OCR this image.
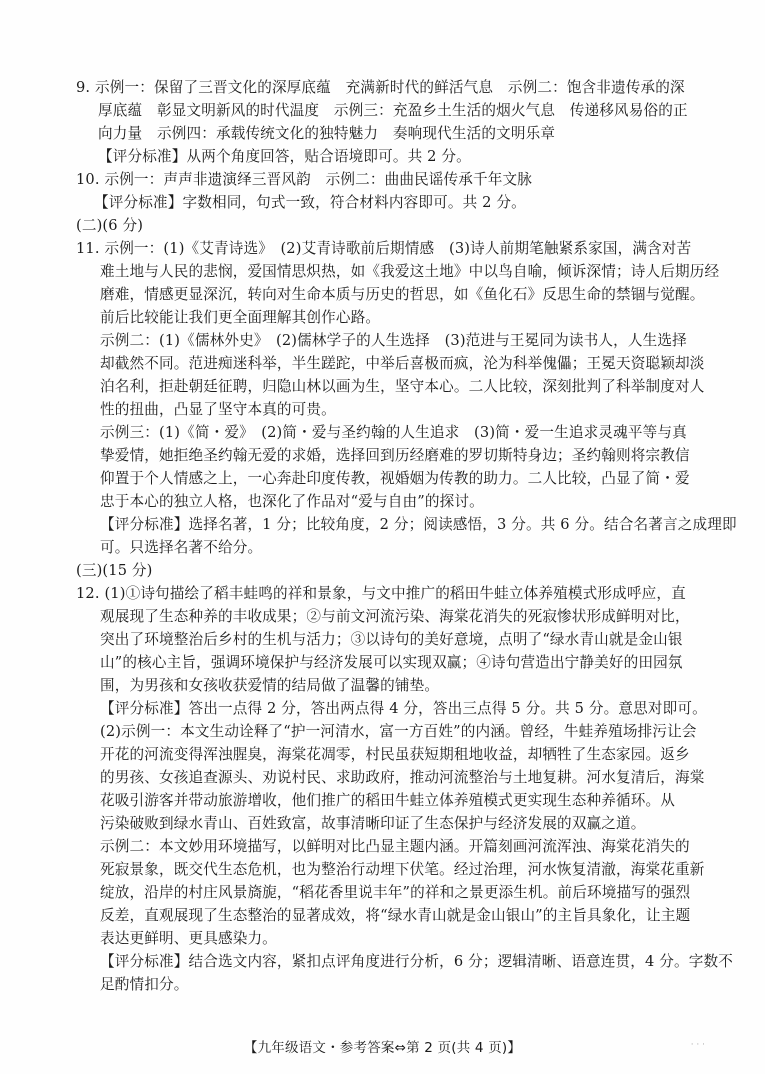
9. 示例一：保留了三晋文化的深厚底蕴　充满新时代的鲜活气息　示例二：饱含非遗传承的深
厚底蕴　彰显文明新风的时代温度　示例三：充盈乡土生活的烟火气息　传递移风易俗的正
向力量　示例四：承载传统文化的独特魅力　奏响现代生活的文明乐章
【评分标准】从两个角度回答，贴合语境即可。共 2 分。
10. 示例一：声声非遗演绎三晋风韵　示例二：曲曲民谣传承千年文脉
【评分标准】字数相同，句式一致，符合材料内容即可。共 2 分。
(二)(6 分)
11. 示例一：(1)《艾青诗选》　(2)艾青诗歌前后期情感　(3)诗人前期笔触紧系家国，满含对苦
难土地与人民的悲悯，爱国情思炽热，如《我爱这土地》中以鸟自喻，倾诉深情；诗人后期历经
磨难，情感更显深沉，转向对生命本质与历史的哲思，如《鱼化石》反思生命的禁锢与觉醒。
前后比较能让我们更全面理解其创作心路。
示例二：(1)《儒林外史》　(2)儒林学子的人生选择　(3)范进与王冕同为读书人，人生选择
却截然不同。范进痴迷科举，半生蹉跎，中举后喜极而疯，沦为科举傀儡；王冕天资聪颖却淡
泊名利，拒赴朝廷征聘，归隐山林以画为生，坚守本心。二人比较，深刻批判了科举制度对人
性的扭曲，凸显了坚守本真的可贵。
示例三：(1)《简・爱》　(2)简・爱与圣约翰的人生追求　(3)简・爱一生追求灵魂平等与真
挚爱情，她拒绝圣约翰无爱的求婚，选择回到历经磨难的罗切斯特身边；圣约翰则将宗教信
仰置于个人情感之上，一心奔赴印度传教，视婚姻为传教的助力。二人比较，凸显了简・爱
忠于本心的独立人格，也深化了作品对“爱与自由”的探讨。
【评分标准】选择名著，1 分；比较角度，2 分；阅读感悟，3 分。共 6 分。结合名著言之成理即
可。只选择名著不给分。
(三)(15 分)
12. (1)①诗句描绘了稻丰蛙鸣的祥和景象，与文中推广的稻田牛蛙立体养殖模式形成呼应，直
观展现了生态种养的丰收成果；②与前文河流污染、海棠花消失的死寂惨状形成鲜明对比，
突出了环境整治后乡村的生机与活力；③以诗句的美好意境，点明了“绿水青山就是金山银
山”的核心主旨，强调环境保护与经济发展可以实现双赢；④诗句营造出宁静美好的田园氛
围，为男孩和女孩收获爱情的结局做了温馨的铺垫。
【评分标准】答出一点得 2 分，答出两点得 4 分，答出三点得 5 分。共 5 分。意思对即可。
(2)示例一：本文生动诠释了“护一河清水，富一方百姓”的内涵。曾经，牛蛙养殖场排污让会
开花的河流变得浑浊腥臭，海棠花凋零，村民虽获短期租地收益，却牺牲了生态家园。返乡
的男孩、女孩追查源头、劝说村民、求助政府，推动河流整治与土地复耕。河水复清后，海棠
花吸引游客并带动旅游增收，他们推广的稻田牛蛙立体养殖模式更实现生态种养循环。从
污染破败到绿水青山、百姓致富，故事清晰印证了生态保护与经济发展的双赢之道。
示例二：本文妙用环境描写，以鲜明对比凸显主题内涵。开篇刻画河流浑浊、海棠花消失的
死寂景象，既交代生态危机，也为整治行动埋下伏笔。经过治理，河水恢复清澈，海棠花重新
绽放，沿岸的村庄风景旖旎，“稻花香里说丰年”的祥和之景更添生机。前后环境描写的强烈
反差，直观展现了生态整治的显著成效，将“绿水青山就是金山银山”的主旨具象化，让主题
表达更鲜明、更具感染力。
【评分标准】结合选文内容，紧扣点评角度进行分析，6 分；逻辑清晰、语意连贯，4 分。字数不
足酌情扣分。
【九年级语文・参考答案⇔第 2 页(共 4 页)】	· · ·
